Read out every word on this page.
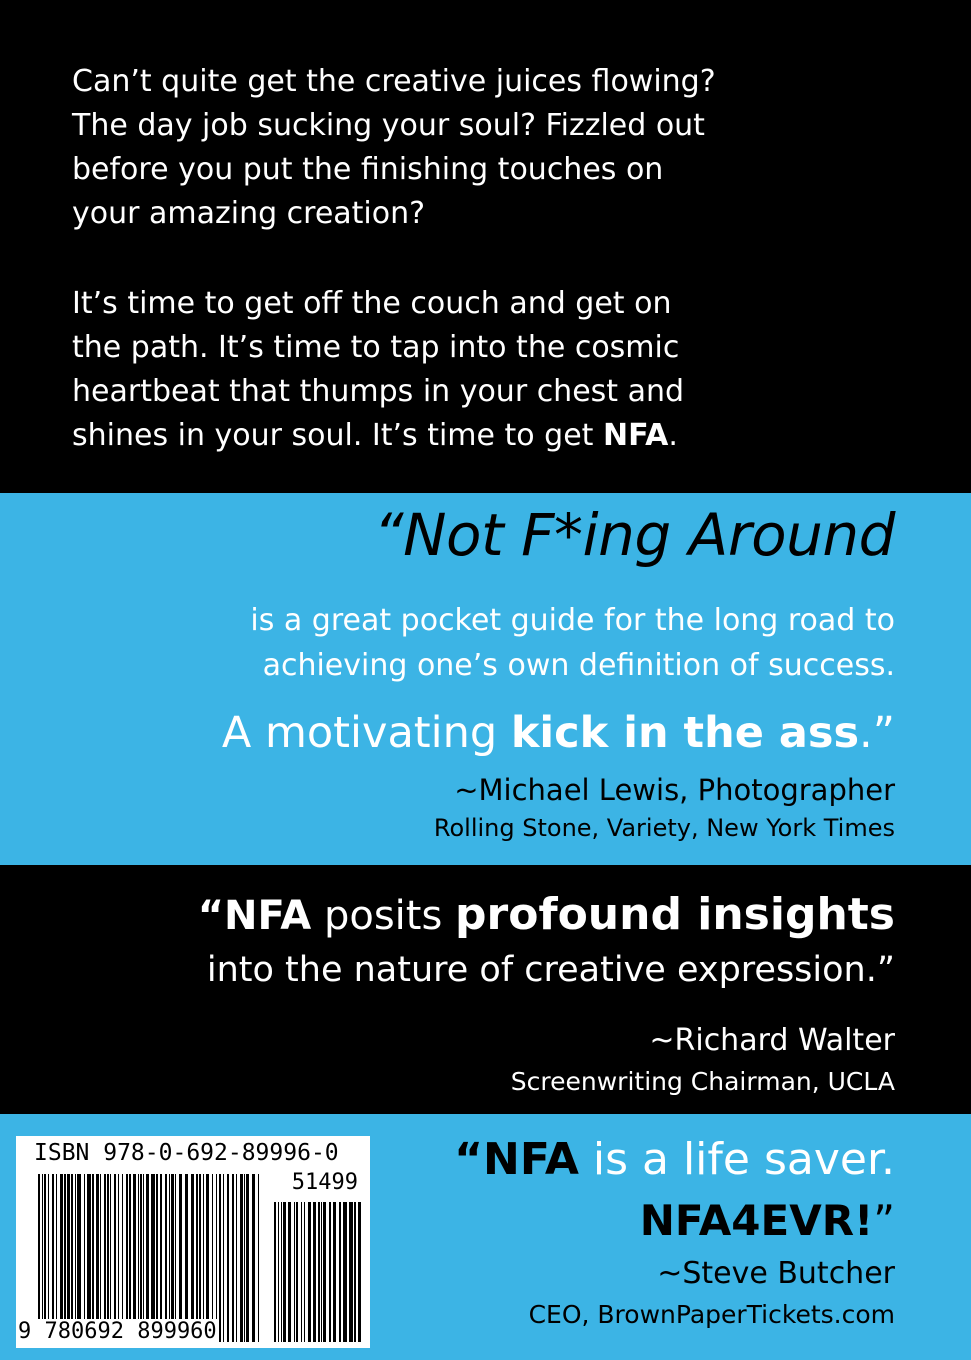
Can’t quite get the creative juices flowing?
The day job sucking your soul? Fizzled out
before you put the finishing touches on
your amazing creation?
It’s time to get off the couch and get on
the path. It’s time to tap into the cosmic
heartbeat that thumps in your chest and
shines in your soul. It’s time to get NFA.
“Not F*ing Around
is a great pocket guide for the long road to
achieving one’s own definition of success.
A motivating kick in the ass.”
~Michael Lewis, Photographer
Rolling Stone, Variety, New York Times
“NFA posits profound insights
into the nature of creative expression.”
~Richard Walter
Screenwriting Chairman, UCLA
ISBN 978-0-692-89996-0
51499
9 780692 899960
“NFA is a life saver.
NFA4EVR!”
~Steve Butcher
CEO, BrownPaperTickets.com
